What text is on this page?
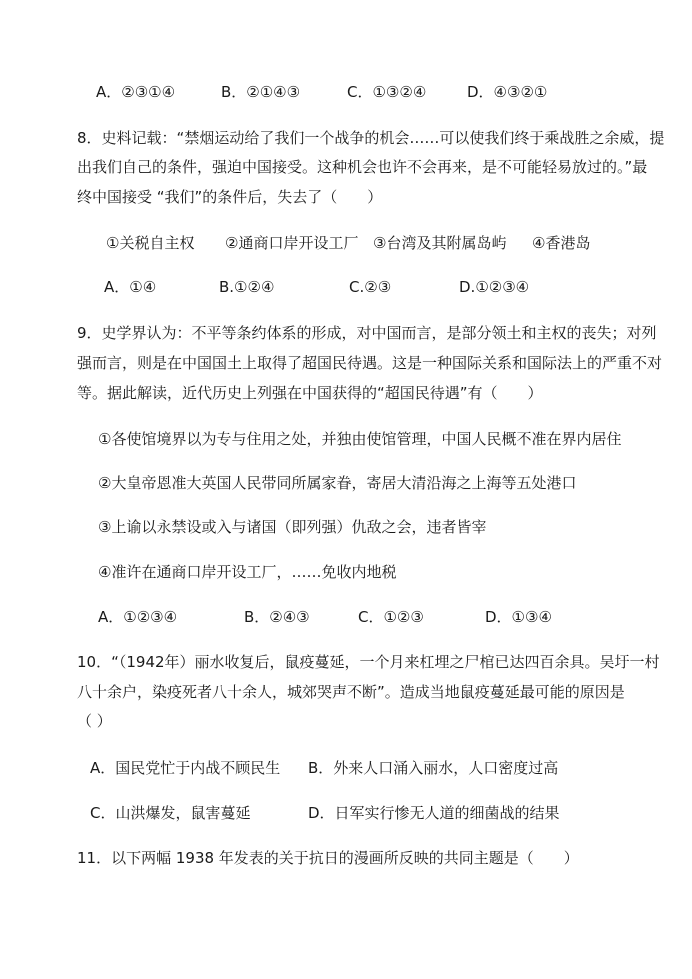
A．②③①④	B．②①④③	C．①③②④	D．④③②①
8．史料记载：“禁烟运动给了我们一个战争的机会……可以使我们终于乘战胜之余威，提
出我们自己的条件，强迫中国接受。这种机会也许不会再来，是不可能轻易放过的。”最
终中国接受 “我们”的条件后，失去了（　　）
①关税自主权 ②通商口岸开设工厂 ③台湾及其附属岛屿 ④香港岛
A．①④	B.①②④	C.②③	D.①②③④
9．史学界认为：不平等条约体系的形成，对中国而言，是部分领土和主权的丧失；对列
强而言，则是在中国国土上取得了超国民待遇。这是一种国际关系和国际法上的严重不对
等。据此解读，近代历史上列强在中国获得的“超国民待遇”有（　　）
①各使馆境界以为专与住用之处，并独由使馆管理，中国人民概不准在界内居住
②大皇帝恩准大英国人民带同所属家眷，寄居大清沿海之上海等五处港口
③上谕以永禁设或入与诸国（即列强）仇敌之会，违者皆宰
④准许在通商口岸开设工厂，……免收内地税
A．①②③④	B．②④③	C．①②③	D．①③④
10．“（1942年）丽水收复后，鼠疫蔓延，一个月来杠埋之尸棺已达四百余具。吴圩一村
八十余户，染疫死者八十余人，城郊哭声不断”。造成当地鼠疫蔓延最可能的原因是
（ ）
A．国民党忙于内战不顾民生 B．外来人口涌入丽水，人口密度过高
C．山洪爆发，鼠害蔓延	D．日军实行惨无人道的细菌战的结果
11．以下两幅 1938 年发表的关于抗日的漫画所反映的共同主题是（　　）
